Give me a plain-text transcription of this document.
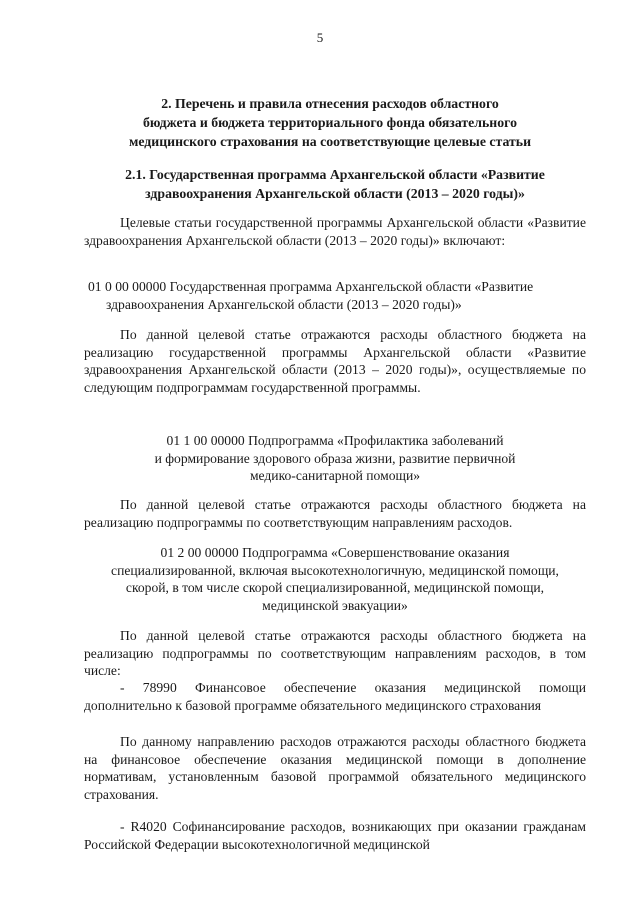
5
2. Перечень и правила отнесения расходов областного
бюджета и бюджета территориального фонда обязательного
медицинского страхования на соответствующие целевые статьи
2.1. Государственная программа Архангельской области «Развитие
здравоохранения Архангельской области (2013 – 2020 годы)»
Целевые статьи государственной программы Архангельской области «Развитие здравоохранения Архангельской области (2013 – 2020 годы)» включают:
01 0 00 00000 Государственная программа Архангельской области «Развитие
здравоохранения Архангельской области (2013 – 2020 годы)»
По данной целевой статье отражаются расходы областного бюджета на реализацию государственной программы Архангельской области «Развитие здравоохранения Архангельской области (2013 – 2020 годы)», осуществляемые по следующим подпрограммам государственной программы.
01 1 00 00000 Подпрограмма «Профилактика заболеваний
и формирование здорового образа жизни, развитие первичной
медико-санитарной помощи»
По данной целевой статье отражаются расходы областного бюджета на реализацию подпрограммы по соответствующим направлениям расходов.
01 2 00 00000 Подпрограмма «Совершенствование оказания
специализированной, включая высокотехнологичную, медицинской помощи,
скорой, в том числе скорой специализированной, медицинской помощи,
медицинской эвакуации»
По данной целевой статье отражаются расходы областного бюджета на реализацию подпрограммы по соответствующим направлениям расходов, в том числе:
- 78990 Финансовое обеспечение оказания медицинской помощи дополнительно к базовой программе обязательного медицинского страхования
По данному направлению расходов отражаются расходы областного бюджета на финансовое обеспечение оказания медицинской помощи в дополнение нормативам, установленным базовой программой обязательного медицинского страхования.
- R4020 Софинансирование расходов, возникающих при оказании гражданам Российской Федерации высокотехнологичной медицинской
